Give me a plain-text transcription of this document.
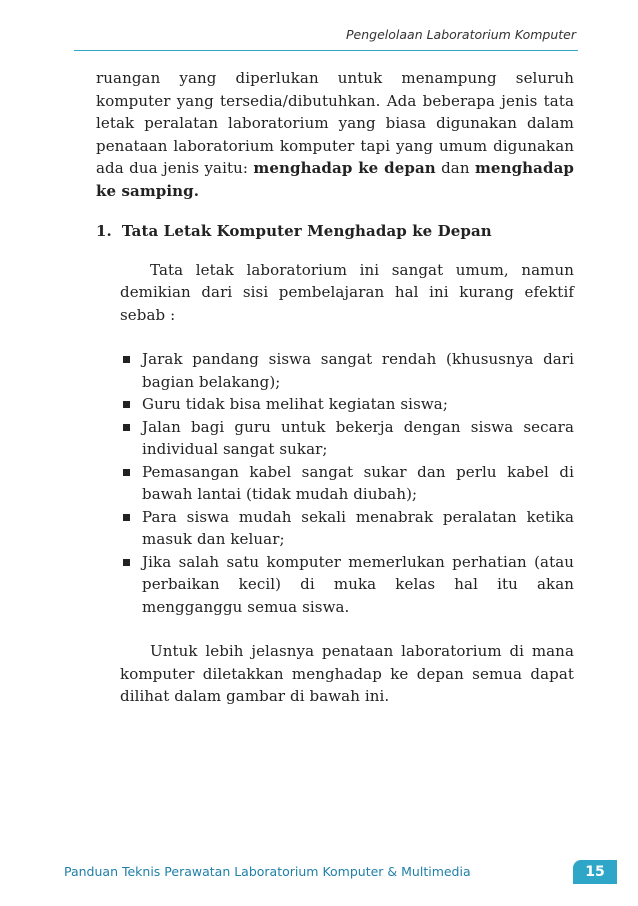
Pengelolaan Laboratorium Komputer

ruangan yang diperlukan untuk menampung seluruh komputer yang tersedia/dibutuhkan. Ada beberapa jenis tata letak peralatan laboratorium yang biasa digunakan dalam penataan laboratorium komputer tapi yang umum digunakan ada dua jenis yaitu: menghadap ke depan dan menghadap ke samping.

1. Tata Letak Komputer Menghadap ke Depan

Tata letak laboratorium ini sangat umum, namun demikian dari sisi pembelajaran hal ini kurang efektif sebab :

Jarak pandang siswa sangat rendah (khususnya dari bagian belakang);
Guru tidak bisa melihat kegiatan siswa;
Jalan bagi guru untuk bekerja dengan siswa secara individual sangat sukar;
Pemasangan kabel sangat sukar dan perlu kabel di bawah lantai (tidak mudah diubah);
Para siswa mudah sekali menabrak peralatan ketika masuk dan keluar;
Jika salah satu komputer memerlukan perhatian (atau perbaikan kecil) di muka kelas hal itu akan mengganggu semua siswa.

Untuk lebih jelasnya penataan laboratorium di mana komputer diletakkan menghadap ke depan semua dapat dilihat dalam gambar di bawah ini.

Panduan Teknis Perawatan Laboratorium Komputer & Multimedia	15
